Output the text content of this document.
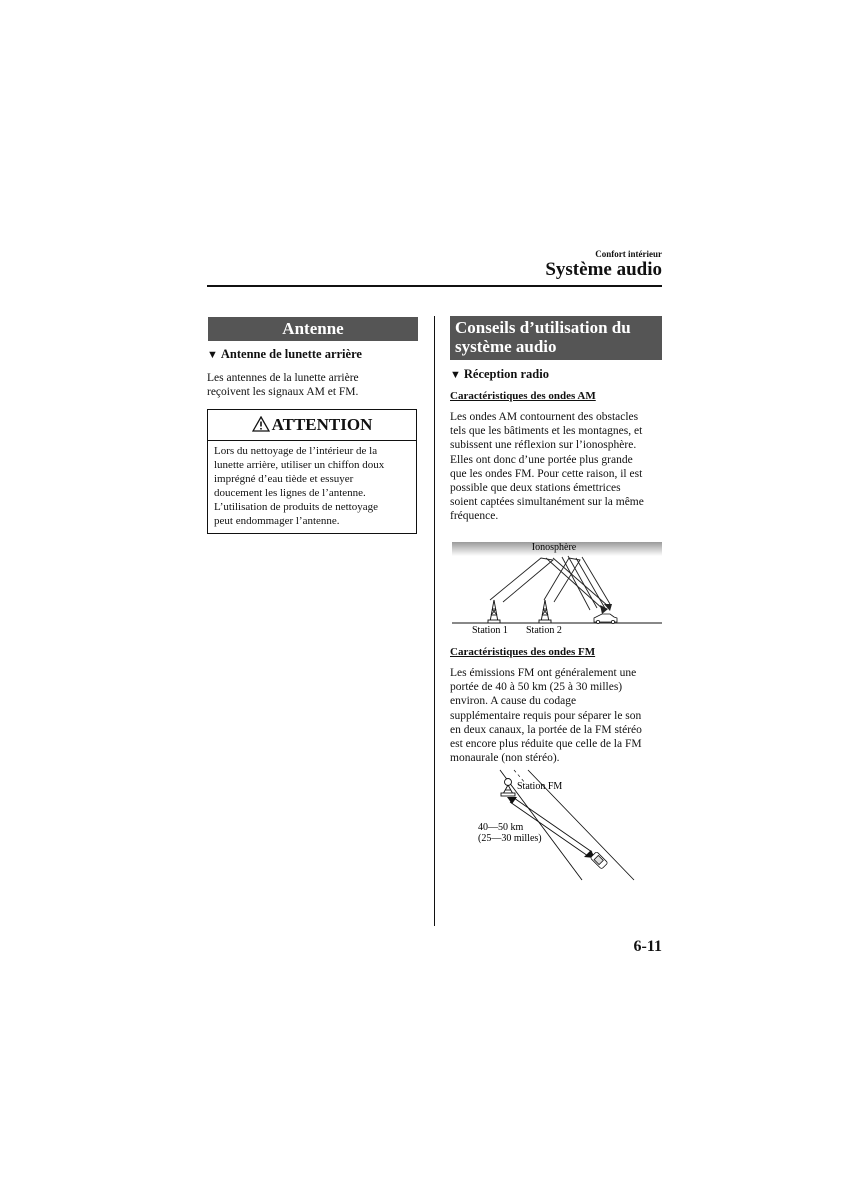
Confort intérieur
Système audio
Antenne
▼ Antenne de lunette arrière
Les antennes de la lunette arrière
reçoivent les signaux AM et FM.
ATTENTION
Lors du nettoyage de l’intérieur de la
lunette arrière, utiliser un chiffon doux
imprégné d’eau tiède et essuyer
doucement les lignes de l’antenne.
L’utilisation de produits de nettoyage
peut endommager l’antenne.
Conseils d’utilisation du
système audio
▼ Réception radio
Caractéristiques des ondes AM
Les ondes AM contournent des obstacles
tels que les bâtiments et les montagnes, et
subissent une réflexion sur l’ionosphère.
Elles ont donc d’une portée plus grande
que les ondes FM. Pour cette raison, il est
possible que deux stations émettrices
soient captées simultanément sur la même
fréquence.
Ionosphère
Station 1 Station 2
Caractéristiques des ondes FM
Les émissions FM ont généralement une
portée de 40 à 50 km (25 à 30 milles)
environ. A cause du codage
supplémentaire requis pour séparer le son
en deux canaux, la portée de la FM stéréo
est encore plus réduite que celle de la FM
monaurale (non stéréo).
Station FM
40—50 km
(25—30 milles)
6-11
